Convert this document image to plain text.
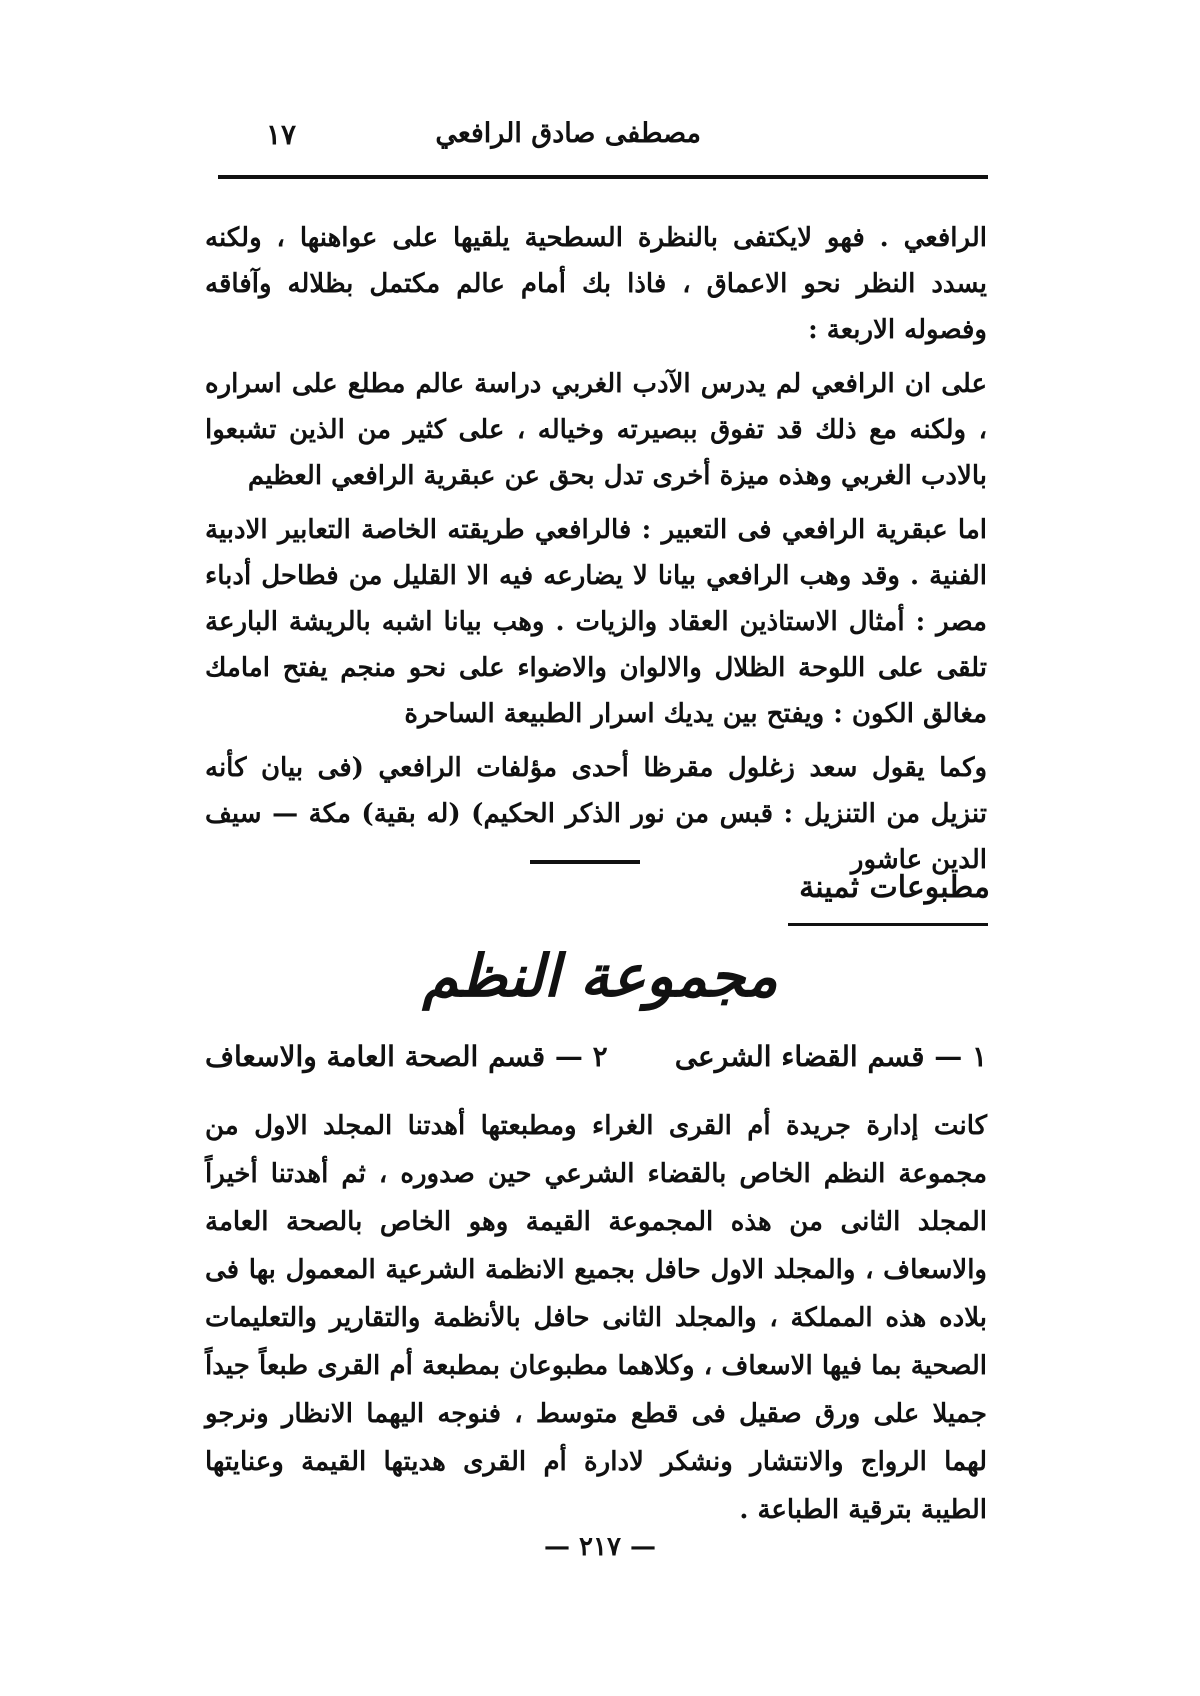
مصطفى صادق الرافعي
١٧

الرافعي . فهو لايكتفى بالنظرة السطحية يلقيها على عواهنها ، ولكنه يسدد النظر نحو الاعماق ، فاذا بك أمام عالم مكتمل بظلاله وآفاقه وفصوله الاربعة :

على ان الرافعي لم يدرس الآدب الغربي دراسة عالم مطلع على اسراره ، ولكنه مع ذلك قد تفوق ببصيرته وخياله ، على كثير من الذين تشبعوا بالادب الغربي وهذه ميزة أخرى تدل بحق عن عبقرية الرافعي العظيم

اما عبقرية الرافعي فى التعبير : فالرافعي طريقته الخاصة التعابير الادبية الفنية . وقد وهب الرافعي بيانا لا يضارعه فيه الا القليل من فطاحل أدباء مصر : أمثال الاستاذين العقاد والزيات . وهب بيانا اشبه بالريشة البارعة تلقى على اللوحة الظلال والالوان والاضواء على نحو منجم يفتح امامك مغالق الكون : ويفتح بين يديك اسرار الطبيعة الساحرة

وكما يقول سعد زغلول مقرظا أحدى مؤلفات الرافعي (فى بيان كأنه تنزيل من التنزيل : قبس من نور الذكر الحكيم) (له بقية) مكة — سيف الدين عاشور

مطبوعات ثمينة
مجموعة النظم
١ — قسم القضاء الشرعى
٢ — قسم الصحة العامة والاسعاف

كانت إدارة جريدة أم القرى الغراء ومطبعتها أهدتنا المجلد الاول من مجموعة النظم الخاص بالقضاء الشرعي حين صدوره ، ثم أهدتنا أخيراً المجلد الثانى من هذه المجموعة القيمة وهو الخاص بالصحة العامة والاسعاف ، والمجلد الاول حافل بجميع الانظمة الشرعية المعمول بها فى بلاده هذه المملكة ، والمجلد الثانى حافل بالأنظمة والتقارير والتعليمات الصحية بما فيها الاسعاف ، وكلاهما مطبوعان بمطبعة أم القرى طبعاً جيداً جميلا على ورق صقيل فى قطع متوسط ، فنوجه اليهما الانظار ونرجو لهما الرواج والانتشار ونشكر لادارة أم القرى هديتها القيمة وعنايتها الطيبة بترقية الطباعة .

— ٢١٧ —
